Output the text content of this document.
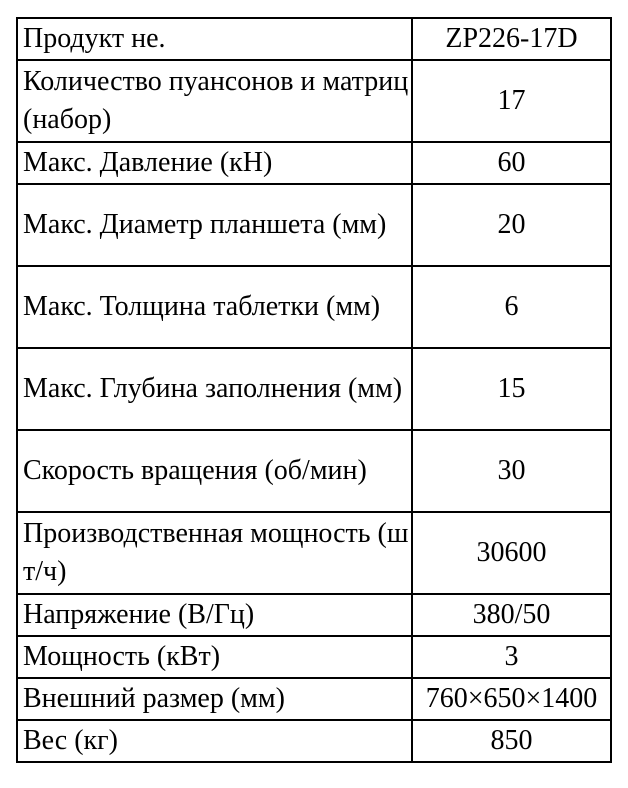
Продукт не.	ZP226-17D
Количество пуансонов и матриц (набор)	17
Макс. Давление (кН)	60
Макс. Диаметр планшета (мм)	20
Макс. Толщина таблетки (мм)	6
Макс. Глубина заполнения (мм)	15
Скорость вращения (об/мин)	30
Производственная мощность (шт/ч)	30600
Напряжение (В/Гц)	380/50
Мощность (кВт)	3
Внешний размер (мм)	760×650×1400
Вес (кг)	850
